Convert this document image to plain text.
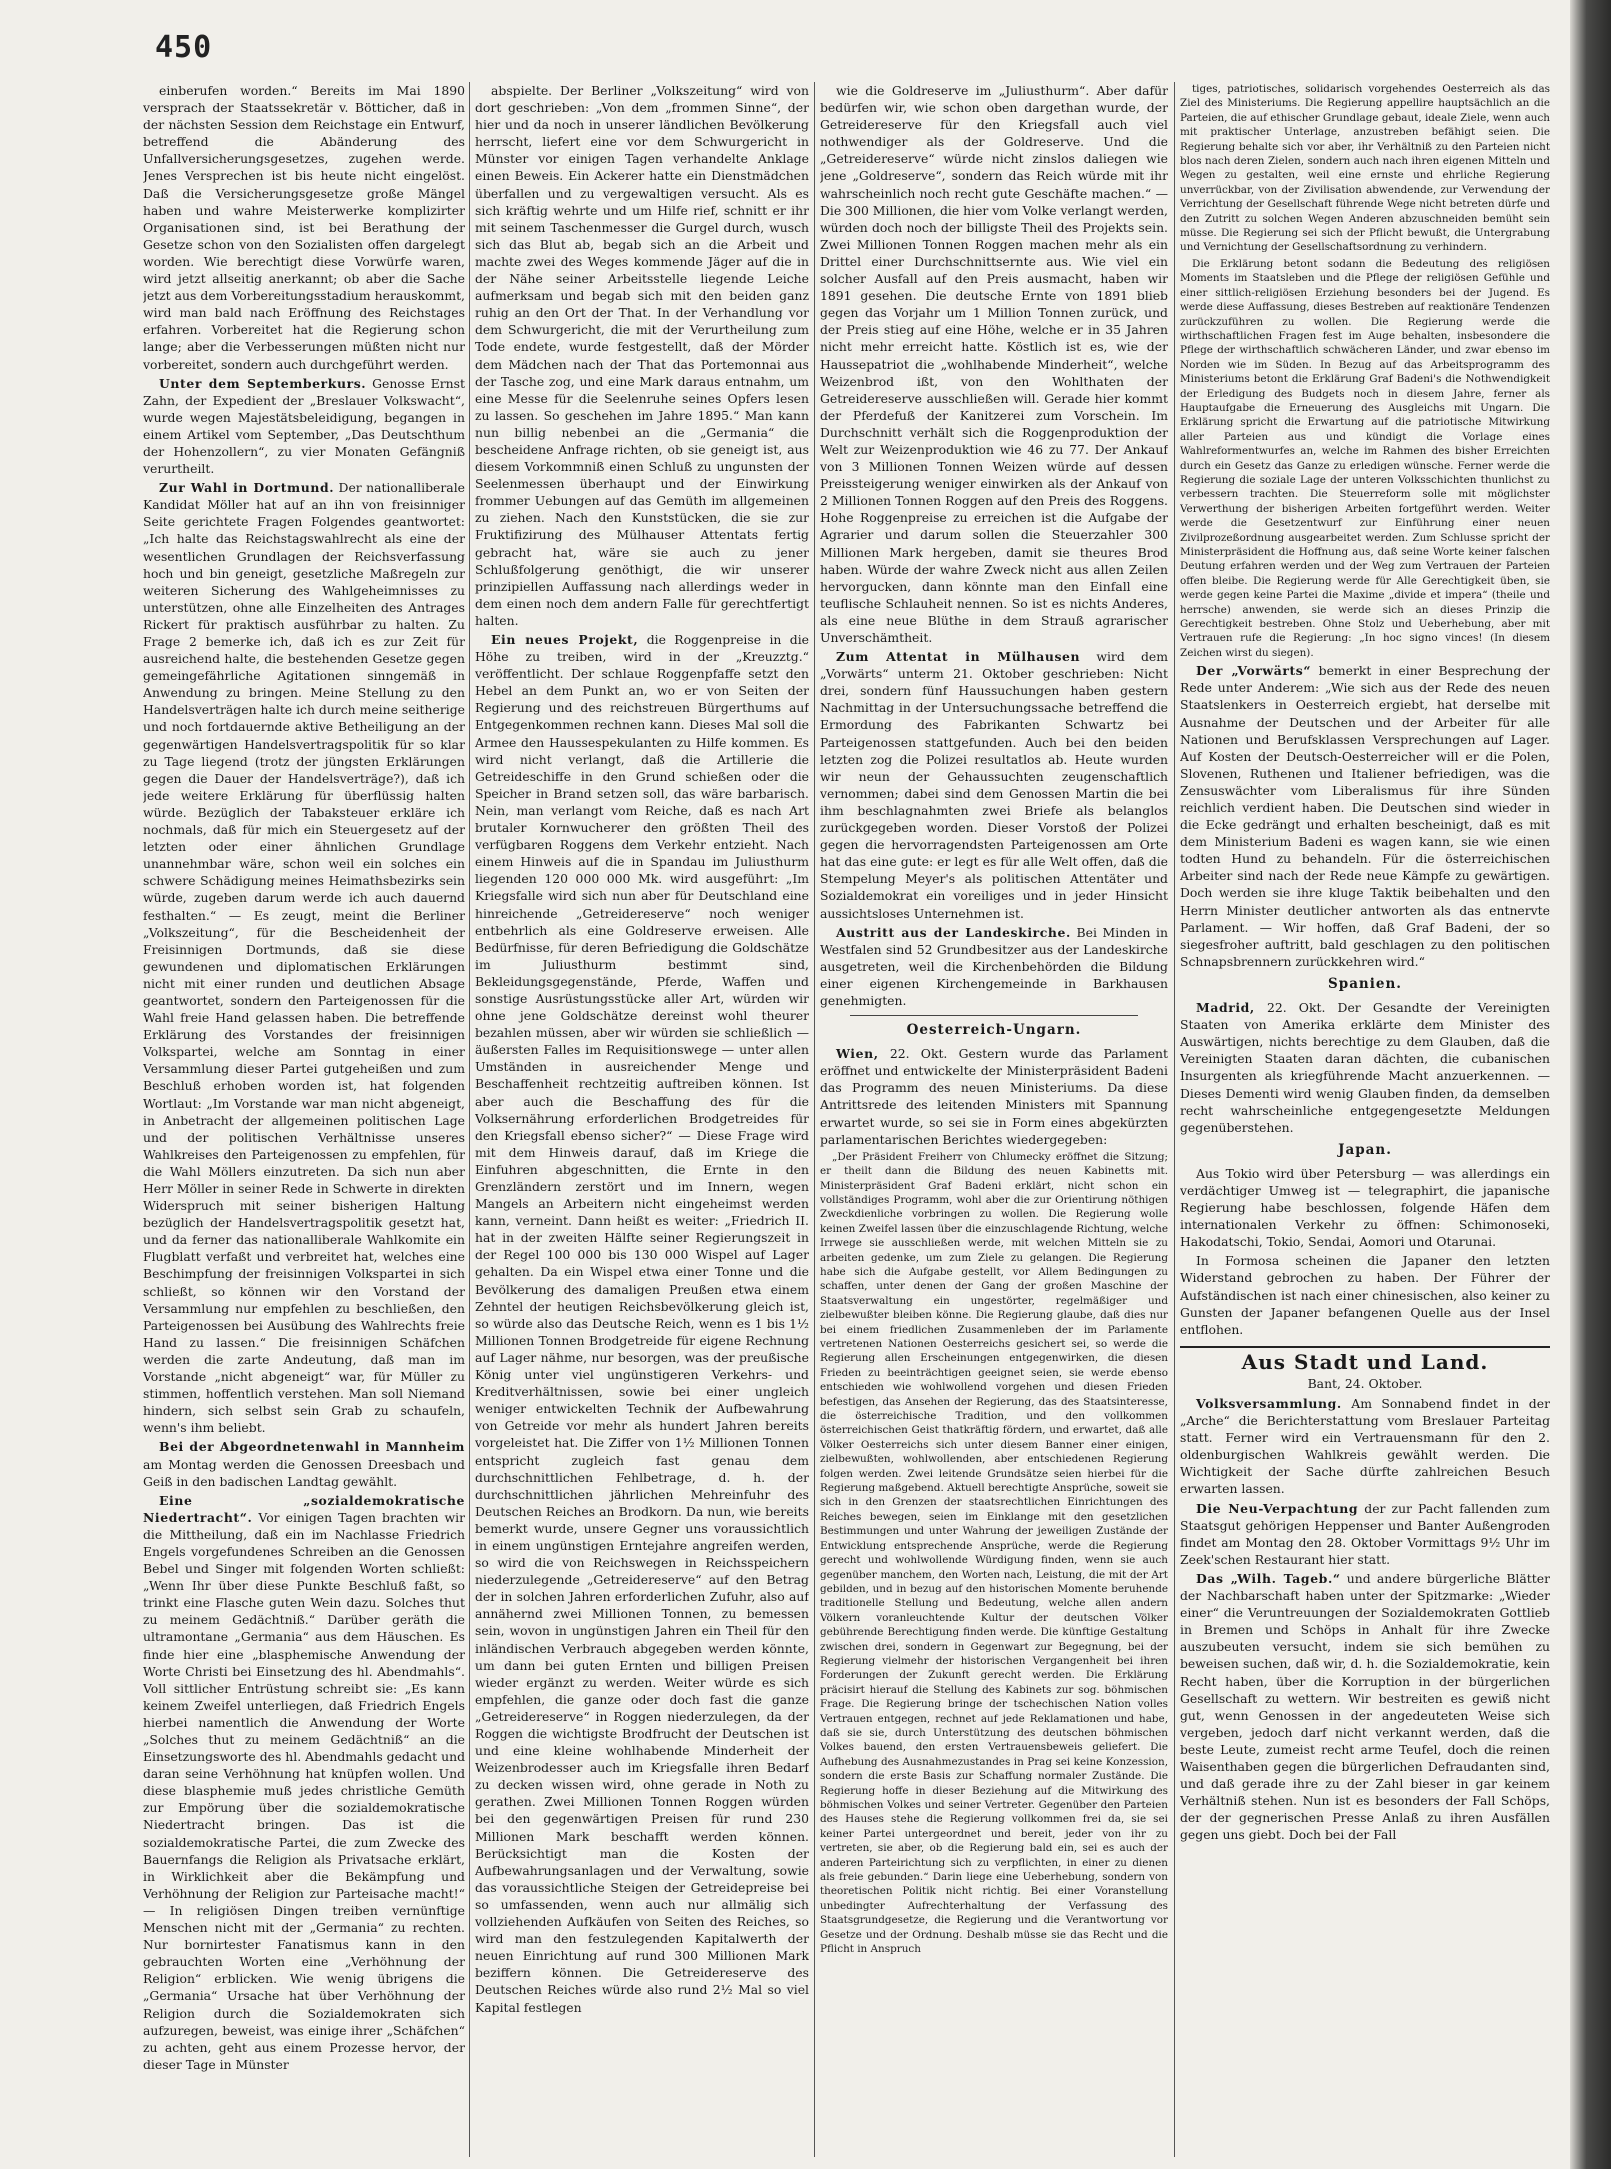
450

einberufen worden.“ Bereits im Mai 1890 versprach der Staatssekretär v. Bötticher, daß in der nächsten Session dem Reichstage ein Entwurf, betreffend die Abänderung des Unfallversicherungsgesetzes, zugehen werde. Jenes Versprechen ist bis heute nicht eingelöst. Daß die Versicherungsgesetze große Mängel haben und wahre Meisterwerke komplizirter Organisationen sind, ist bei Berathung der Gesetze schon von den Sozialisten offen dargelegt worden. Wie berechtigt diese Vorwürfe waren, wird jetzt allseitig anerkannt; ob aber die Sache jetzt aus dem Vorbereitungsstadium herauskommt, wird man bald nach Eröffnung des Reichstages erfahren. Vorbereitet hat die Regierung schon lange; aber die Verbesserungen müßten nicht nur vorbereitet, sondern auch durchgeführt werden.

Unter dem Septemberkurs. Genosse Ernst Zahn, der Expedient der „Breslauer Volkswacht“, wurde wegen Majestätsbeleidigung, begangen in einem Artikel vom September, „Das Deutschthum der Hohenzollern“, zu vier Monaten Gefängniß verurtheilt.

Zur Wahl in Dortmund. Der nationalliberale Kandidat Möller hat auf an ihn von freisinniger Seite gerichtete Fragen Folgendes geantwortet: „Ich halte das Reichstagswahlrecht als eine der wesentlichen Grundlagen der Reichsverfassung hoch und bin geneigt, gesetzliche Maßregeln zur weiteren Sicherung des Wahlgeheimnisses zu unterstützen, ohne alle Einzelheiten des Antrages Rickert für praktisch ausführbar zu halten. Zu Frage 2 bemerke ich, daß ich es zur Zeit für ausreichend halte, die bestehenden Gesetze gegen gemeingefährliche Agitationen sinngemäß in Anwendung zu bringen. Meine Stellung zu den Handelsverträgen halte ich durch meine seitherige und noch fortdauernde aktive Betheiligung an der gegenwärtigen Handelsvertragspolitik für so klar zu Tage liegend (trotz der jüngsten Erklärungen gegen die Dauer der Handelsverträge?), daß ich jede weitere Erklärung für überflüssig halten würde. Bezüglich der Tabaksteuer erkläre ich nochmals, daß für mich ein Steuergesetz auf der letzten oder einer ähnlichen Grundlage unannehmbar wäre, schon weil ein solches ein schwere Schädigung meines Heimathsbezirks sein würde, zugeben darum werde ich auch dauernd festhalten.“ — Es zeugt, meint die Berliner „Volkszeitung“, für die Bescheidenheit der Freisinnigen Dortmunds, daß sie diese gewundenen und diplomatischen Erklärungen nicht mit einer runden und deutlichen Absage geantwortet, sondern den Parteigenossen für die Wahl freie Hand gelassen haben. Die betreffende Erklärung des Vorstandes der freisinnigen Volkspartei, welche am Sonntag in einer Versammlung dieser Partei gutgeheißen und zum Beschluß erhoben worden ist, hat folgenden Wortlaut: „Im Vorstande war man nicht abgeneigt, in Anbetracht der allgemeinen politischen Lage und der politischen Verhältnisse unseres Wahlkreises den Parteigenossen zu empfehlen, für die Wahl Möllers einzutreten. Da sich nun aber Herr Möller in seiner Rede in Schwerte in direkten Widerspruch mit seiner bisherigen Haltung bezüglich der Handelsvertragspolitik gesetzt hat, und da ferner das nationalliberale Wahlkomite ein Flugblatt verfaßt und verbreitet hat, welches eine Beschimpfung der freisinnigen Volkspartei in sich schließt, so können wir den Vorstand der Versammlung nur empfehlen zu beschließen, den Parteigenossen bei Ausübung des Wahlrechts freie Hand zu lassen.“ Die freisinnigen Schäfchen werden die zarte Andeutung, daß man im Vorstande „nicht abgeneigt“ war, für Müller zu stimmen, hoffentlich verstehen. Man soll Niemand hindern, sich selbst sein Grab zu schaufeln, wenn's ihm beliebt.

Bei der Abgeordnetenwahl in Mannheim am Montag werden die Genossen Dreesbach und Geiß in den badischen Landtag gewählt.

Eine „sozialdemokratische Niedertracht“. Vor einigen Tagen brachten wir die Mittheilung, daß ein im Nachlasse Friedrich Engels vorgefundenes Schreiben an die Genossen Bebel und Singer mit folgenden Worten schließt: „Wenn Ihr über diese Punkte Beschluß faßt, so trinkt eine Flasche guten Wein dazu. Solches thut zu meinem Gedächtniß.“ Darüber geräth die ultramontane „Germania“ aus dem Häuschen. Es finde hier eine „blasphemische Anwendung der Worte Christi bei Einsetzung des hl. Abendmahls“. Voll sittlicher Entrüstung schreibt sie: „Es kann keinem Zweifel unterliegen, daß Friedrich Engels hierbei namentlich die Anwendung der Worte „Solches thut zu meinem Gedächtniß“ an die Einsetzungsworte des hl. Abendmahls gedacht und daran seine Verhöhnung hat knüpfen wollen. Und diese blasphemie muß jedes christliche Gemüth zur Empörung über die sozialdemokratische Niedertracht bringen. Das ist die sozialdemokratische Partei, die zum Zwecke des Bauernfangs die Religion als Privatsache erklärt, in Wirklichkeit aber die Bekämpfung und Verhöhnung der Religion zur Parteisache macht!“ — In religiösen Dingen treiben vernünftige Menschen nicht mit der „Germania“ zu rechten. Nur bornirtester Fanatismus kann in den gebrauchten Worten eine „Verhöhnung der Religion“ erblicken. Wie wenig übrigens die „Germania“ Ursache hat über Verhöhnung der Religion durch die Sozialdemokraten sich aufzuregen, beweist, was einige ihrer „Schäfchen“ zu achten, geht aus einem Prozesse hervor, der dieser Tage in Münster

abspielte. Der Berliner „Volkszeitung“ wird von dort geschrieben: „Von dem „frommen Sinne“, der hier und da noch in unserer ländlichen Bevölkerung herrscht, liefert eine vor dem Schwurgericht in Münster vor einigen Tagen verhandelte Anklage einen Beweis. Ein Ackerer hatte ein Dienstmädchen überfallen und zu vergewaltigen versucht. Als es sich kräftig wehrte und um Hilfe rief, schnitt er ihr mit seinem Taschenmesser die Gurgel durch, wusch sich das Blut ab, begab sich an die Arbeit und machte zwei des Weges kommende Jäger auf die in der Nähe seiner Arbeitsstelle liegende Leiche aufmerksam und begab sich mit den beiden ganz ruhig an den Ort der That. In der Verhandlung vor dem Schwurgericht, die mit der Verurtheilung zum Tode endete, wurde festgestellt, daß der Mörder dem Mädchen nach der That das Portemonnai aus der Tasche zog, und eine Mark daraus entnahm, um eine Messe für die Seelenruhe seines Opfers lesen zu lassen. So geschehen im Jahre 1895.“ Man kann nun billig nebenbei an die „Germania“ die bescheidene Anfrage richten, ob sie geneigt ist, aus diesem Vorkommniß einen Schluß zu ungunsten der Seelenmessen überhaupt und der Einwirkung frommer Uebungen auf das Gemüth im allgemeinen zu ziehen. Nach den Kunststücken, die sie zur Fruktifizirung des Mülhauser Attentats fertig gebracht hat, wäre sie auch zu jener Schlußfolgerung genöthigt, die wir unserer prinzipiellen Auffassung nach allerdings weder in dem einen noch dem andern Falle für gerechtfertigt halten.

Ein neues Projekt, die Roggenpreise in die Höhe zu treiben, wird in der „Kreuzztg.“ veröffentlicht. Der schlaue Roggenpfaffe setzt den Hebel an dem Punkt an, wo er von Seiten der Regierung und des reichstreuen Bürgerthums auf Entgegenkommen rechnen kann. Dieses Mal soll die Armee den Haussespekulanten zu Hilfe kommen. Es wird nicht verlangt, daß die Artillerie die Getreideschiffe in den Grund schießen oder die Speicher in Brand setzen soll, das wäre barbarisch. Nein, man verlangt vom Reiche, daß es nach Art brutaler Kornwucherer den größten Theil des verfügbaren Roggens dem Verkehr entzieht. Nach einem Hinweis auf die in Spandau im Juliusthurm liegenden 120 000 000 Mk. wird ausgeführt: „Im Kriegsfalle wird sich nun aber für Deutschland eine hinreichende „Getreidereserve“ noch weniger entbehrlich als eine Goldreserve erweisen. Alle Bedürfnisse, für deren Befriedigung die Goldschätze im Juliusthurm bestimmt sind, Bekleidungsgegenstände, Pferde, Waffen und sonstige Ausrüstungsstücke aller Art, würden wir ohne jene Goldschätze dereinst wohl theurer bezahlen müssen, aber wir würden sie schließlich — äußersten Falles im Requisitionswege — unter allen Umständen in ausreichender Menge und Beschaffenheit rechtzeitig auftreiben können. Ist aber auch die Beschaffung des für die Volksernährung erforderlichen Brodgetreides für den Kriegsfall ebenso sicher?“ — Diese Frage wird mit dem Hinweis darauf, daß im Kriege die Einfuhren abgeschnitten, die Ernte in den Grenzländern zerstört und im Innern, wegen Mangels an Arbeitern nicht eingeheimst werden kann, verneint. Dann heißt es weiter: „Friedrich II. hat in der zweiten Hälfte seiner Regierungszeit in der Regel 100 000 bis 130 000 Wispel auf Lager gehalten. Da ein Wispel etwa einer Tonne und die Bevölkerung des damaligen Preußen etwa einem Zehntel der heutigen Reichsbevölkerung gleich ist, so würde also das Deutsche Reich, wenn es 1 bis 1½ Millionen Tonnen Brodgetreide für eigene Rechnung auf Lager nähme, nur besorgen, was der preußische König unter viel ungünstigeren Verkehrs- und Kreditverhältnissen, sowie bei einer ungleich weniger entwickelten Technik der Aufbewahrung von Getreide vor mehr als hundert Jahren bereits vorgeleistet hat. Die Ziffer von 1½ Millionen Tonnen entspricht zugleich fast genau dem durchschnittlichen Fehlbetrage, d. h. der durchschnittlichen jährlichen Mehreinfuhr des Deutschen Reiches an Brodkorn. Da nun, wie bereits bemerkt wurde, unsere Gegner uns voraussichtlich in einem ungünstigen Erntejahre angreifen werden, so wird die von Reichswegen in Reichsspeichern niederzulegende „Getreidereserve“ auf den Betrag der in solchen Jahren erforderlichen Zufuhr, also auf annähernd zwei Millionen Tonnen, zu bemessen sein, wovon in ungünstigen Jahren ein Theil für den inländischen Verbrauch abgegeben werden könnte, um dann bei guten Ernten und billigen Preisen wieder ergänzt zu werden. Weiter würde es sich empfehlen, die ganze oder doch fast die ganze „Getreidereserve“ in Roggen niederzulegen, da der Roggen die wichtigste Brodfrucht der Deutschen ist und eine kleine wohlhabende Minderheit der Weizenbrodesser auch im Kriegsfalle ihren Bedarf zu decken wissen wird, ohne gerade in Noth zu gerathen. Zwei Millionen Tonnen Roggen würden bei den gegenwärtigen Preisen für rund 230 Millionen Mark beschafft werden können. Berücksichtigt man die Kosten der Aufbewahrungsanlagen und der Verwaltung, sowie das voraussichtliche Steigen der Getreidepreise bei so umfassenden, wenn auch nur allmälig sich vollziehenden Aufkäufen von Seiten des Reiches, so wird man den festzulegenden Kapitalwerth der neuen Einrichtung auf rund 300 Millionen Mark beziffern können. Die Getreidereserve des Deutschen Reiches würde also rund 2½ Mal so viel Kapital festlegen

wie die Goldreserve im „Juliusthurm“. Aber dafür bedürfen wir, wie schon oben dargethan wurde, der Getreidereserve für den Kriegsfall auch viel nothwendiger als der Goldreserve. Und die „Getreidereserve“ würde nicht zinslos daliegen wie jene „Goldreserve“, sondern das Reich würde mit ihr wahrscheinlich noch recht gute Geschäfte machen.“ — Die 300 Millionen, die hier vom Volke verlangt werden, würden doch noch der billigste Theil des Projekts sein. Zwei Millionen Tonnen Roggen machen mehr als ein Drittel einer Durchschnittsernte aus. Wie viel ein solcher Ausfall auf den Preis ausmacht, haben wir 1891 gesehen. Die deutsche Ernte von 1891 blieb gegen das Vorjahr um 1 Million Tonnen zurück, und der Preis stieg auf eine Höhe, welche er in 35 Jahren nicht mehr erreicht hatte. Köstlich ist es, wie der Haussepatriot die „wohlhabende Minderheit“, welche Weizenbrod ißt, von den Wohlthaten der Getreidereserve ausschließen will. Gerade hier kommt der Pferdefuß der Kanitzerei zum Vorschein. Im Durchschnitt verhält sich die Roggenproduktion der Welt zur Weizenproduktion wie 46 zu 77. Der Ankauf von 3 Millionen Tonnen Weizen würde auf dessen Preissteigerung weniger einwirken als der Ankauf von 2 Millionen Tonnen Roggen auf den Preis des Roggens. Hohe Roggenpreise zu erreichen ist die Aufgabe der Agrarier und darum sollen die Steuerzahler 300 Millionen Mark hergeben, damit sie theures Brod haben. Würde der wahre Zweck nicht aus allen Zeilen hervorgucken, dann könnte man den Einfall eine teuflische Schlauheit nennen. So ist es nichts Anderes, als eine neue Blüthe in dem Strauß agrarischer Unverschämtheit.

Zum Attentat in Mülhausen wird dem „Vorwärts“ unterm 21. Oktober geschrieben: Nicht drei, sondern fünf Haussuchungen haben gestern Nachmittag in der Untersuchungssache betreffend die Ermordung des Fabrikanten Schwartz bei Parteigenossen stattgefunden. Auch bei den beiden letzten zog die Polizei resultatlos ab. Heute wurden wir neun der Gehaussuchten zeugenschaftlich vernommen; dabei sind dem Genossen Martin die bei ihm beschlagnahmten zwei Briefe als belanglos zurückgegeben worden. Dieser Vorstoß der Polizei gegen die hervorragendsten Parteigenossen am Orte hat das eine gute: er legt es für alle Welt offen, daß die Stempelung Meyer's als politischen Attentäter und Sozialdemokrat ein voreiliges und in jeder Hinsicht aussichtsloses Unternehmen ist.

Austritt aus der Landeskirche. Bei Minden in Westfalen sind 52 Grundbesitzer aus der Landeskirche ausgetreten, weil die Kirchenbehörden die Bildung einer eigenen Kirchengemeinde in Barkhausen genehmigten.

Oesterreich-Ungarn.

Wien, 22. Okt. Gestern wurde das Parlament eröffnet und entwickelte der Ministerpräsident Badeni das Programm des neuen Ministeriums. Da diese Antrittsrede des leitenden Ministers mit Spannung erwartet wurde, so sei sie in Form eines abgekürzten parlamentarischen Berichtes wiedergegeben:

„Der Präsident Freiherr von Chlumecky eröffnet die Sitzung; er theilt dann die Bildung des neuen Kabinetts mit. Ministerpräsident Graf Badeni erklärt, nicht schon ein vollständiges Programm, wohl aber die zur Orientirung nöthigen Zweckdienliche vorbringen zu wollen. Die Regierung wolle keinen Zweifel lassen über die einzuschlagende Richtung, welche Irrwege sie ausschließen werde, mit welchen Mitteln sie zu arbeiten gedenke, um zum Ziele zu gelangen. Die Regierung habe sich die Aufgabe gestellt, vor Allem Bedingungen zu schaffen, unter denen der Gang der großen Maschine der Staatsverwaltung ein ungestörter, regelmäßiger und zielbewußter bleiben könne. Die Regierung glaube, daß dies nur bei einem friedlichen Zusammenleben der im Parlamente vertretenen Nationen Oesterreichs gesichert sei, so werde die Regierung allen Erscheinungen entgegenwirken, die diesen Frieden zu beeinträchtigen geeignet seien, sie werde ebenso entschieden wie wohlwollend vorgehen und diesen Frieden befestigen, das Ansehen der Regierung, das des Staatsinteresse, die österreichische Tradition, und den vollkommen österreichischen Geist thatkräftig fördern, und erwartet, daß alle Völker Oesterreichs sich unter diesem Banner einer einigen, zielbewußten, wohlwollenden, aber entschiedenen Regierung folgen werden. Zwei leitende Grundsätze seien hierbei für die Regierung maßgebend. Aktuell berechtigte Ansprüche, soweit sie sich in den Grenzen der staatsrechtlichen Einrichtungen des Reiches bewegen, seien im Einklange mit den gesetzlichen Bestimmungen und unter Wahrung der jeweiligen Zustände der Entwicklung entsprechende Ansprüche, werde die Regierung gerecht und wohlwollende Würdigung finden, wenn sie auch gegenüber manchem, den Worten nach, Leistung, die mit der Art gebilden, und in bezug auf den historischen Momente beruhende traditionelle Stellung und Bedeutung, welche allen andern Völkern voranleuchtende Kultur der deutschen Völker gebührende Berechtigung finden werde. Die künftige Gestaltung zwischen drei, sondern in Gegenwart zur Begegnung, bei der Regierung vielmehr der historischen Vergangenheit bei ihren Forderungen der Zukunft gerecht werden. Die Erklärung präcisirt hierauf die Stellung des Kabinets zur sog. böhmischen Frage. Die Regierung bringe der tschechischen Nation volles Vertrauen entgegen, rechnet auf jede Reklamationen und habe, daß sie sie, durch Unterstützung des deutschen böhmischen Volkes bauend, den ersten Vertrauensbeweis geliefert. Die Aufhebung des Ausnahmezustandes in Prag sei keine Konzession, sondern die erste Basis zur Schaffung normaler Zustände. Die Regierung hoffe in dieser Beziehung auf die Mitwirkung des böhmischen Volkes und seiner Vertreter. Gegenüber den Parteien des Hauses stehe die Regierung vollkommen frei da, sie sei keiner Partei untergeordnet und bereit, jeder von ihr zu vertreten, sie aber, ob die Regierung bald ein, sei es auch der anderen Parteirichtung sich zu verpflichten, in einer zu dienen als freie gebunden.“ Darin liege eine Ueberhebung, sondern von theoretischen Politik nicht richtig. Bei einer Voranstellung unbedingter Aufrechterhaltung der Verfassung des Staatsgrundgesetze, die Regierung und die Verantwortung vor Gesetze und der Ordnung. Deshalb müsse sie das Recht und die Pflicht in Anspruch

tiges, patriotisches, solidarisch vorgehendes Oesterreich als das Ziel des Ministeriums. Die Regierung appellire hauptsächlich an die Parteien, die auf ethischer Grundlage gebaut, ideale Ziele, wenn auch mit praktischer Unterlage, anzustreben befähigt seien. Die Regierung behalte sich vor aber, ihr Verhältniß zu den Parteien nicht blos nach deren Zielen, sondern auch nach ihren eigenen Mitteln und Wegen zu gestalten, weil eine ernste und ehrliche Regierung unverrückbar, von der Zivilisation abwendende, zur Verwendung der Verrichtung der Gesellschaft führende Wege nicht betreten dürfe und den Zutritt zu solchen Wegen Anderen abzuschneiden bemüht sein müsse. Die Regierung sei sich der Pflicht bewußt, die Untergrabung und Vernichtung der Gesellschaftsordnung zu verhindern.

Die Erklärung betont sodann die Bedeutung des religiösen Moments im Staatsleben und die Pflege der religiösen Gefühle und einer sittlich-religiösen Erziehung besonders bei der Jugend. Es werde diese Auffassung, dieses Bestreben auf reaktionäre Tendenzen zurückzuführen zu wollen. Die Regierung werde die wirthschaftlichen Fragen fest im Auge behalten, insbesondere die Pflege der wirthschaftlich schwächeren Länder, und zwar ebenso im Norden wie im Süden. In Bezug auf das Arbeitsprogramm des Ministeriums betont die Erklärung Graf Badeni's die Nothwendigkeit der Erledigung des Budgets noch in diesem Jahre, ferner als Hauptaufgabe die Erneuerung des Ausgleichs mit Ungarn. Die Erklärung spricht die Erwartung auf die patriotische Mitwirkung aller Parteien aus und kündigt die Vorlage eines Wahlreformentwurfes an, welche im Rahmen des bisher Erreichten durch ein Gesetz das Ganze zu erledigen wünsche. Ferner werde die Regierung die soziale Lage der unteren Volksschichten thunlichst zu verbessern trachten. Die Steuerreform solle mit möglichster Verwerthung der bisherigen Arbeiten fortgeführt werden. Weiter werde die Gesetzentwurf zur Einführung einer neuen Zivilprozeßordnung ausgearbeitet werden. Zum Schlusse spricht der Ministerpräsident die Hoffnung aus, daß seine Worte keiner falschen Deutung erfahren werden und der Weg zum Vertrauen der Parteien offen bleibe. Die Regierung werde für Alle Gerechtigkeit üben, sie werde gegen keine Partei die Maxime „divide et impera“ (theile und herrsche) anwenden, sie werde sich an dieses Prinzip die Gerechtigkeit bestreben. Ohne Stolz und Ueberhebung, aber mit Vertrauen rufe die Regierung: „In hoc signo vinces! (In diesem Zeichen wirst du siegen).

Der „Vorwärts“ bemerkt in einer Besprechung der Rede unter Anderem: „Wie sich aus der Rede des neuen Staatslenkers in Oesterreich ergiebt, hat derselbe mit Ausnahme der Deutschen und der Arbeiter für alle Nationen und Berufsklassen Versprechungen auf Lager. Auf Kosten der Deutsch-Oesterreicher will er die Polen, Slovenen, Ruthenen und Italiener befriedigen, was die Zensuswächter vom Liberalismus für ihre Sünden reichlich verdient haben. Die Deutschen sind wieder in die Ecke gedrängt und erhalten bescheinigt, daß es mit dem Ministerium Badeni es wagen kann, sie wie einen todten Hund zu behandeln. Für die österreichischen Arbeiter sind nach der Rede neue Kämpfe zu gewärtigen. Doch werden sie ihre kluge Taktik beibehalten und den Herrn Minister deutlicher antworten als das entnervte Parlament. — Wir hoffen, daß Graf Badeni, der so siegesfroher auftritt, bald geschlagen zu den politischen Schnapsbrennern zurückkehren wird.“

Spanien.

Madrid, 22. Okt. Der Gesandte der Vereinigten Staaten von Amerika erklärte dem Minister des Auswärtigen, nichts berechtige zu dem Glauben, daß die Vereinigten Staaten daran dächten, die cubanischen Insurgenten als kriegführende Macht anzuerkennen. — Dieses Dementi wird wenig Glauben finden, da demselben recht wahrscheinliche entgegengesetzte Meldungen gegenüberstehen.

Japan.

Aus Tokio wird über Petersburg — was allerdings ein verdächtiger Umweg ist — telegraphirt, die japanische Regierung habe beschlossen, folgende Häfen dem internationalen Verkehr zu öffnen: Schimonoseki, Hakodatschi, Tokio, Sendai, Aomori und Otarunai.

In Formosa scheinen die Japaner den letzten Widerstand gebrochen zu haben. Der Führer der Aufständischen ist nach einer chinesischen, also keiner zu Gunsten der Japaner befangenen Quelle aus der Insel entflohen.

Aus Stadt und Land.
Bant, 24. Oktober.

Volksversammlung. Am Sonnabend findet in der „Arche“ die Berichterstattung vom Breslauer Parteitag statt. Ferner wird ein Vertrauensmann für den 2. oldenburgischen Wahlkreis gewählt werden. Die Wichtigkeit der Sache dürfte zahlreichen Besuch erwarten lassen.

Die Neu-Verpachtung der zur Pacht fallenden zum Staatsgut gehörigen Heppenser und Banter Außengroden findet am Montag den 28. Oktober Vormittags 9½ Uhr im Zeek'schen Restaurant hier statt.

Das „Wilh. Tageb.“ und andere bürgerliche Blätter der Nachbarschaft haben unter der Spitzmarke: „Wieder einer“ die Veruntreuungen der Sozialdemokraten Gottlieb in Bremen und Schöps in Anhalt für ihre Zwecke auszubeuten versucht, indem sie sich bemühen zu beweisen suchen, daß wir, d. h. die Sozialdemokratie, kein Recht haben, über die Korruption in der bürgerlichen Gesellschaft zu wettern. Wir bestreiten es gewiß nicht gut, wenn Genossen in der angedeuteten Weise sich vergeben, jedoch darf nicht verkannt werden, daß die beste Leute, zumeist recht arme Teufel, doch die reinen Waisenthaben gegen die bürgerlichen Defraudanten sind, und daß gerade ihre zu der Zahl bieser in gar keinem Verhältniß stehen. Nun ist es besonders der Fall Schöps, der der gegnerischen Presse Anlaß zu ihren Ausfällen gegen uns giebt. Doch bei der Fall
